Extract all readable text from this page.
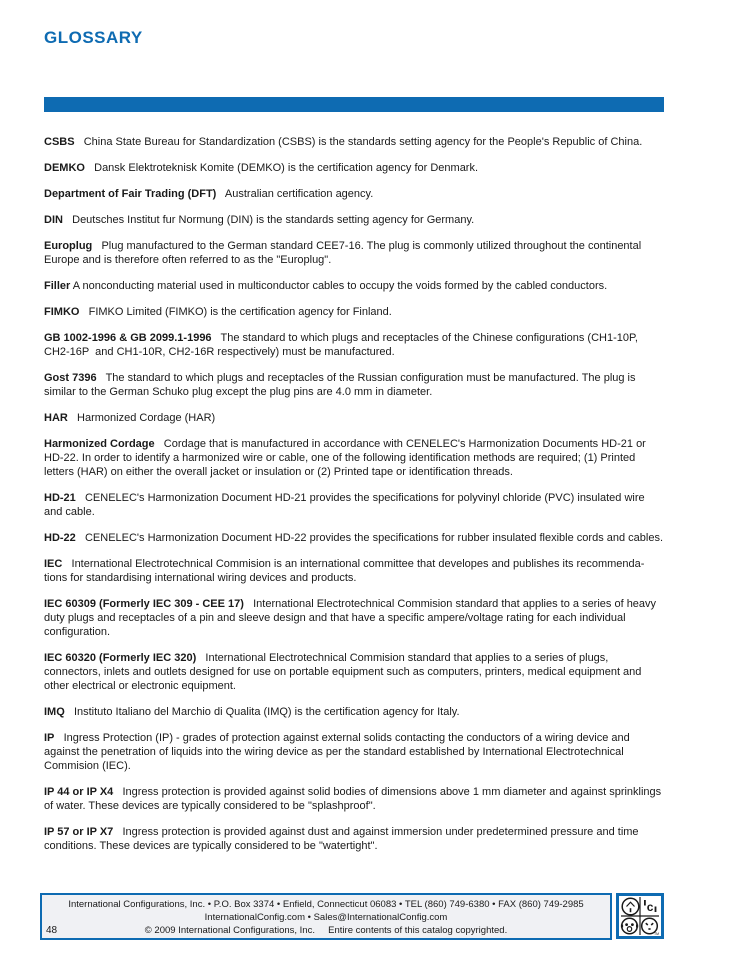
GLOSSARY

CSBS   China State Bureau for Standardization (CSBS) is the standards setting agency for the People's Republic of China.

DEMKO   Dansk Elektroteknisk Komite (DEMKO) is the certification agency for Denmark.

Department of Fair Trading (DFT)   Australian certification agency.

DIN   Deutsches Institut fur Normung (DIN) is the standards setting agency for Germany.

Europlug   Plug manufactured to the German standard CEE7-16. The plug is commonly utilized throughout the continental Europe and is therefore often referred to as the "Europlug".

Filler A nonconducting material used in multiconductor cables to occupy the voids formed by the cabled conductors.

FIMKO   FIMKO Limited (FIMKO) is the certification agency for Finland.

GB 1002-1996 & GB 2099.1-1996   The standard to which plugs and receptacles of the Chinese configurations (CH1-10P, CH2-16P  and CH1-10R, CH2-16R respectively) must be manufactured.

Gost 7396   The standard to which plugs and receptacles of the Russian configuration must be manufactured. The plug is similar to the German Schuko plug except the plug pins are 4.0 mm in diameter.

HAR   Harmonized Cordage (HAR)

Harmonized Cordage   Cordage that is manufactured in accordance with CENELEC's Harmonization Documents HD-21 or HD-22. In order to identify a harmonized wire or cable, one of the following identification methods are required; (1) Printed letters (HAR) on either the overall jacket or insulation or (2) Printed tape or identification threads.

HD-21   CENELEC's Harmonization Document HD-21 provides the specifications for polyvinyl chloride (PVC) insulated wire and cable.

HD-22   CENELEC's Harmonization Document HD-22 provides the specifications for rubber insulated flexible cords and cables.

IEC   International Electrotechnical Commision is an international committee that developes and publishes its recommenda-tions for standardising international wiring devices and products.

IEC 60309 (Formerly IEC 309 - CEE 17)   International Electrotechnical Commision standard that applies to a series of heavy duty plugs and receptacles of a pin and sleeve design and that have a specific ampere/voltage rating for each individual configuration.

IEC 60320 (Formerly IEC 320)   International Electrotechnical Commision standard that applies to a series of plugs, connectors, inlets and outlets designed for use on portable equipment such as computers, printers, medical equipment and other electrical or electronic equipment.

IMQ   Instituto Italiano del Marchio di Qualita (IMQ) is the certification agency for Italy.

IP   Ingress Protection (IP) - grades of protection against external solids contacting the conductors of a wiring device and against the penetration of liquids into the wiring device as per the standard established by International Electrotechnical Commision (IEC).

IP 44 or IP X4   Ingress protection is provided against solid bodies of dimensions above 1 mm diameter and against sprinklings of water. These devices are typically considered to be "splashproof".

IP 57 or IP X7   Ingress protection is provided against dust and against immersion under predetermined pressure and time conditions. These devices are typically considered to be "watertight".

International Configurations, Inc. • P.O. Box 3374 • Enfield, Connecticut 06083 • TEL (860) 749-6380 • FAX (860) 749-2985
InternationalConfig.com • Sales@InternationalConfig.com
© 2009 International Configurations, Inc.     Entire contents of this catalog copyrighted.
48
c
TM
